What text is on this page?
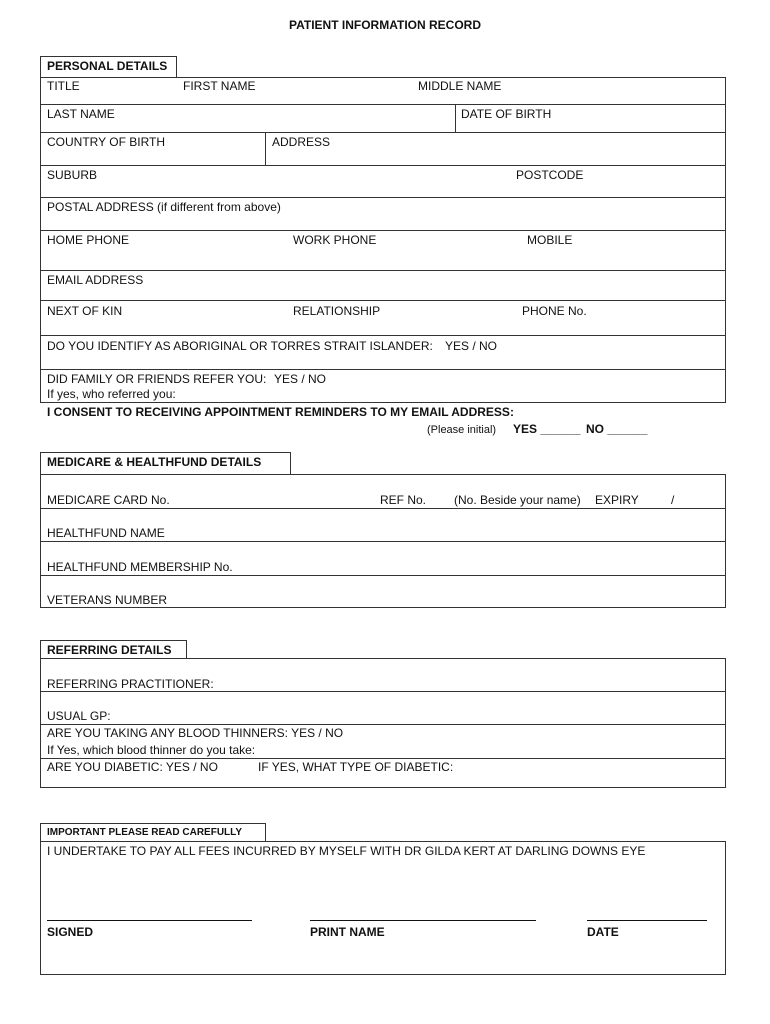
PATIENT INFORMATION RECORD
PERSONAL DETAILS
TITLE	FIRST NAME	MIDDLE NAME
LAST NAME	DATE OF BIRTH
COUNTRY OF BIRTH	ADDRESS
SUBURB	POSTCODE
POSTAL ADDRESS (if different from above)
HOME PHONE	WORK PHONE	MOBILE
EMAIL ADDRESS
NEXT OF KIN	RELATIONSHIP	PHONE No.
DO YOU IDENTIFY AS ABORIGINAL OR TORRES STRAIT ISLANDER: YES / NO
DID FAMILY OR FRIENDS REFER YOU: YES / NO
If yes, who referred you:
I CONSENT TO RECEIVING APPOINTMENT REMINDERS TO MY EMAIL ADDRESS:
(Please initial) YES ______ NO ______
MEDICARE & HEALTHFUND DETAILS
MEDICARE CARD No.	REF No. (No. Beside your name) EXPIRY	/
HEALTHFUND NAME
HEALTHFUND MEMBERSHIP No.
VETERANS NUMBER
REFERRING DETAILS
REFERRING PRACTITIONER:
USUAL GP:
ARE YOU TAKING ANY BLOOD THINNERS: YES / NO
If Yes, which blood thinner do you take:
ARE YOU DIABETIC: YES / NO	IF YES, WHAT TYPE OF DIABETIC:
IMPORTANT PLEASE READ CAREFULLY
I UNDERTAKE TO PAY ALL FEES INCURRED BY MYSELF WITH DR GILDA KERT AT DARLING DOWNS EYE
SIGNED	PRINT NAME	DATE
